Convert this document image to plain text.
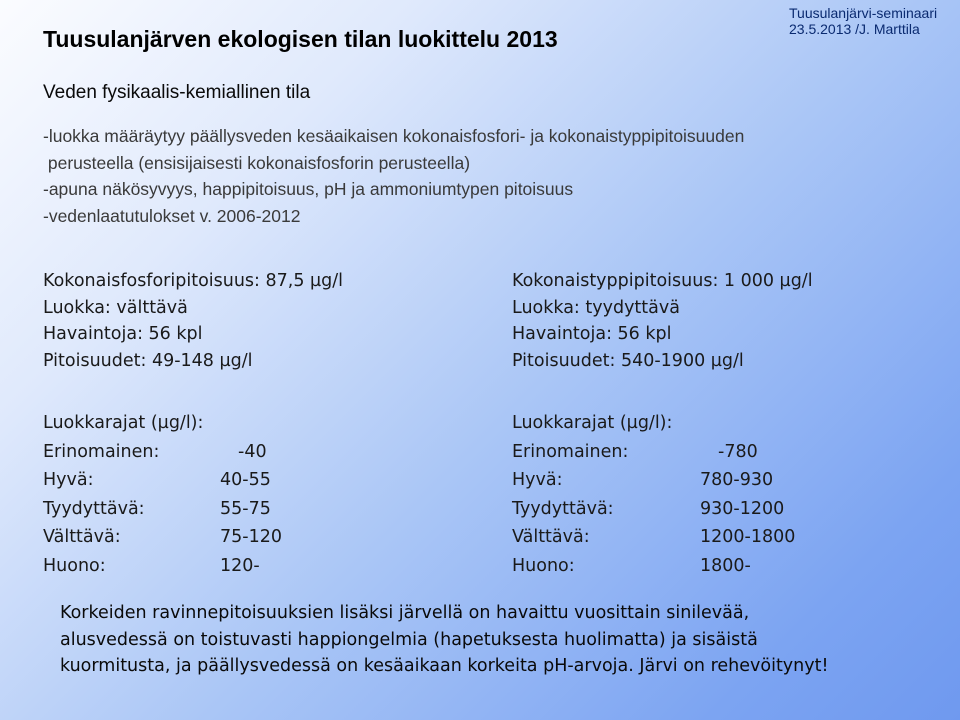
Tuusulanjärven ekologisen tilan luokittelu 2013
Tuusulanjärvi-seminaari
23.5.2013 /J. Marttila
Veden fysikaalis-kemiallinen tila
-luokka määräytyy päällysveden kesäaikaisen kokonaisfosfori- ja kokonaistyppipitoisuuden
perusteella (ensisijaisesti kokonaisfosforin perusteella)
-apuna näkösyvyys, happipitoisuus, pH ja ammoniumtypen pitoisuus
-vedenlaatutulokset v. 2006-2012
Kokonaisfosforipitoisuus: 87,5 µg/l
Luokka: välttävä
Havaintoja: 56 kpl
Pitoisuudet: 49-148 µg/l
Luokkarajat (µg/l):
Erinomainen:	-40
Hyvä:	40-55
Tyydyttävä:	55-75
Välttävä:	75-120
Huono:	120-
Kokonaistyppipitoisuus: 1 000 µg/l
Luokka: tyydyttävä
Havaintoja: 56 kpl
Pitoisuudet: 540-1900 µg/l
Luokkarajat (µg/l):
Erinomainen:	-780
Hyvä:	780-930
Tyydyttävä:	930-1200
Välttävä:	1200-1800
Huono:	1800-
Korkeiden ravinnepitoisuuksien lisäksi järvellä on havaittu vuosittain sinilevää,
alusvedessä on toistuvasti happiongelmia (hapetuksesta huolimatta) ja sisäistä
kuormitusta, ja päällysvedessä on kesäaikaan korkeita pH-arvoja. Järvi on rehevöitynyt!
